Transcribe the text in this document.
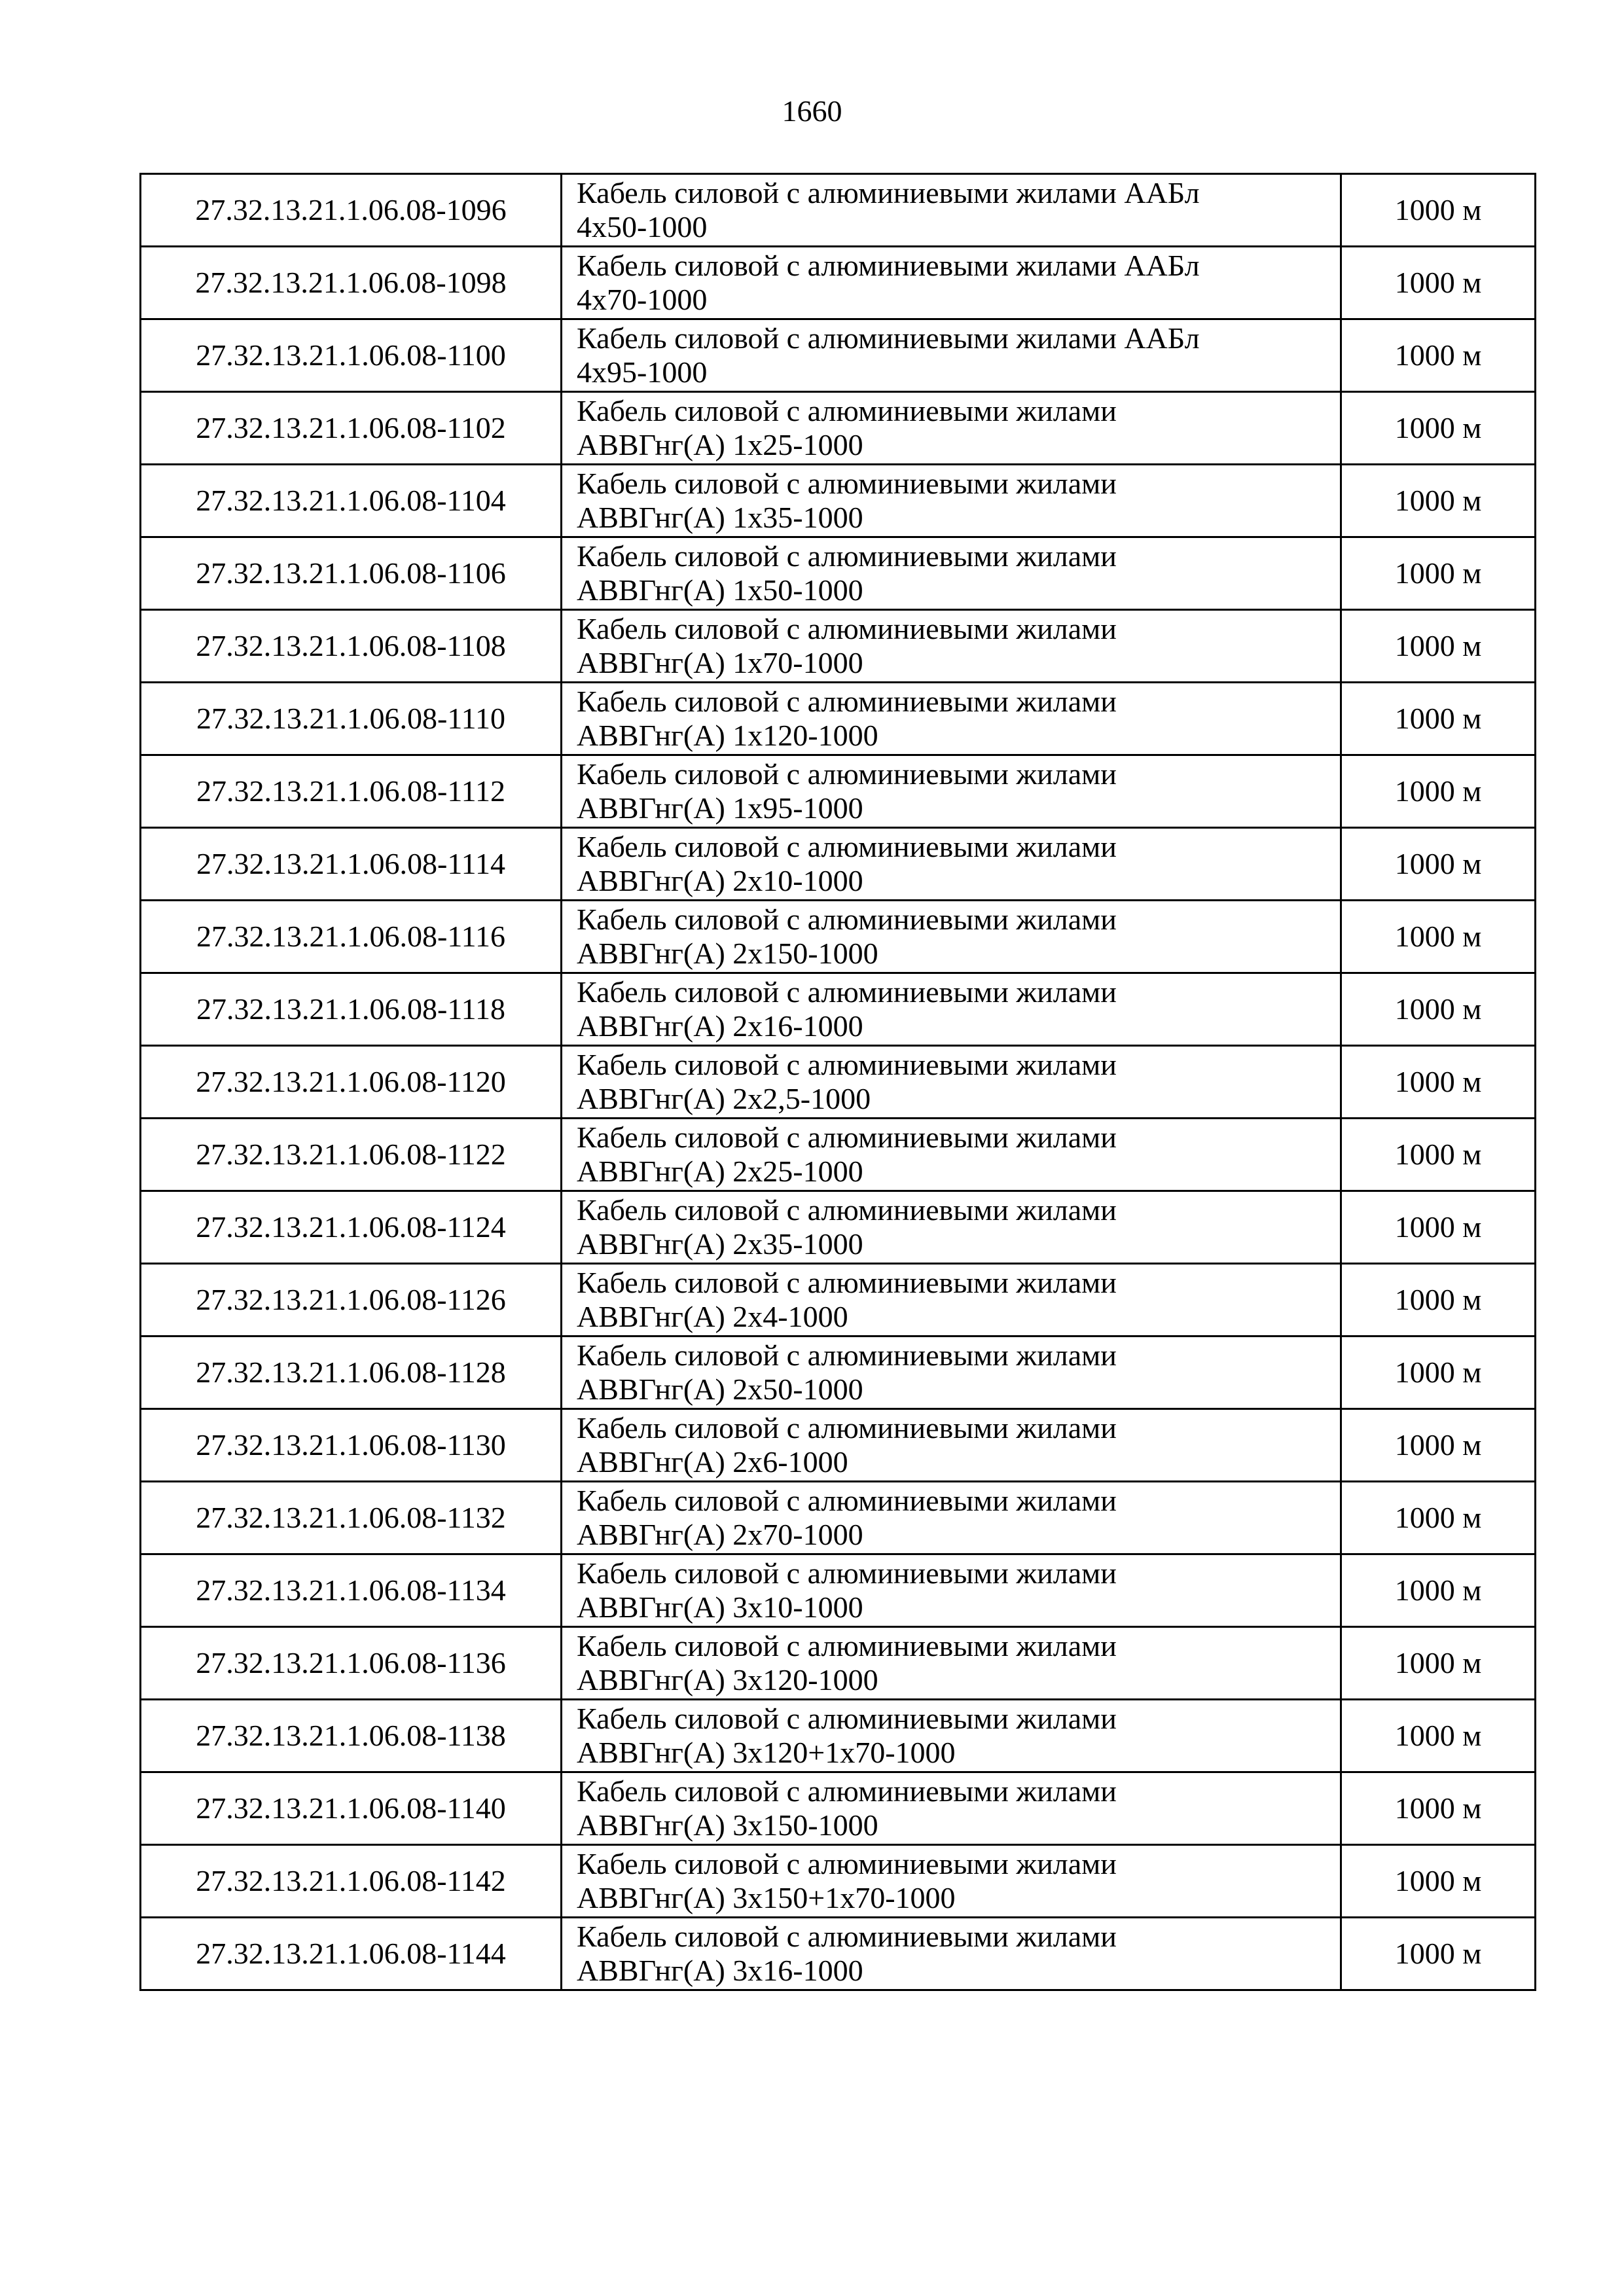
1660
27.32.13.21.1.06.08-1096	Кабель силовой с алюминиевыми жилами ААБл
4х50-1000	1000 м
27.32.13.21.1.06.08-1098	Кабель силовой с алюминиевыми жилами ААБл
4х70-1000	1000 м
27.32.13.21.1.06.08-1100	Кабель силовой с алюминиевыми жилами ААБл
4х95-1000	1000 м
27.32.13.21.1.06.08-1102	Кабель силовой с алюминиевыми жилами
АВВГнг(А) 1х25-1000	1000 м
27.32.13.21.1.06.08-1104	Кабель силовой с алюминиевыми жилами
АВВГнг(А) 1х35-1000	1000 м
27.32.13.21.1.06.08-1106	Кабель силовой с алюминиевыми жилами
АВВГнг(А) 1х50-1000	1000 м
27.32.13.21.1.06.08-1108	Кабель силовой с алюминиевыми жилами
АВВГнг(А) 1х70-1000	1000 м
27.32.13.21.1.06.08-1110	Кабель силовой с алюминиевыми жилами
АВВГнг(А) 1х120-1000	1000 м
27.32.13.21.1.06.08-1112	Кабель силовой с алюминиевыми жилами
АВВГнг(А) 1х95-1000	1000 м
27.32.13.21.1.06.08-1114	Кабель силовой с алюминиевыми жилами
АВВГнг(А) 2х10-1000	1000 м
27.32.13.21.1.06.08-1116	Кабель силовой с алюминиевыми жилами
АВВГнг(А) 2х150-1000	1000 м
27.32.13.21.1.06.08-1118	Кабель силовой с алюминиевыми жилами
АВВГнг(А) 2х16-1000	1000 м
27.32.13.21.1.06.08-1120	Кабель силовой с алюминиевыми жилами
АВВГнг(А) 2х2,5-1000	1000 м
27.32.13.21.1.06.08-1122	Кабель силовой с алюминиевыми жилами
АВВГнг(А) 2х25-1000	1000 м
27.32.13.21.1.06.08-1124	Кабель силовой с алюминиевыми жилами
АВВГнг(А) 2х35-1000	1000 м
27.32.13.21.1.06.08-1126	Кабель силовой с алюминиевыми жилами
АВВГнг(А) 2х4-1000	1000 м
27.32.13.21.1.06.08-1128	Кабель силовой с алюминиевыми жилами
АВВГнг(А) 2х50-1000	1000 м
27.32.13.21.1.06.08-1130	Кабель силовой с алюминиевыми жилами
АВВГнг(А) 2х6-1000	1000 м
27.32.13.21.1.06.08-1132	Кабель силовой с алюминиевыми жилами
АВВГнг(А) 2х70-1000	1000 м
27.32.13.21.1.06.08-1134	Кабель силовой с алюминиевыми жилами
АВВГнг(А) 3х10-1000	1000 м
27.32.13.21.1.06.08-1136	Кабель силовой с алюминиевыми жилами
АВВГнг(А) 3х120-1000	1000 м
27.32.13.21.1.06.08-1138	Кабель силовой с алюминиевыми жилами
АВВГнг(А) 3х120+1х70-1000	1000 м
27.32.13.21.1.06.08-1140	Кабель силовой с алюминиевыми жилами
АВВГнг(А) 3х150-1000	1000 м
27.32.13.21.1.06.08-1142	Кабель силовой с алюминиевыми жилами
АВВГнг(А) 3х150+1х70-1000	1000 м
27.32.13.21.1.06.08-1144	Кабель силовой с алюминиевыми жилами
АВВГнг(А) 3х16-1000	1000 м
